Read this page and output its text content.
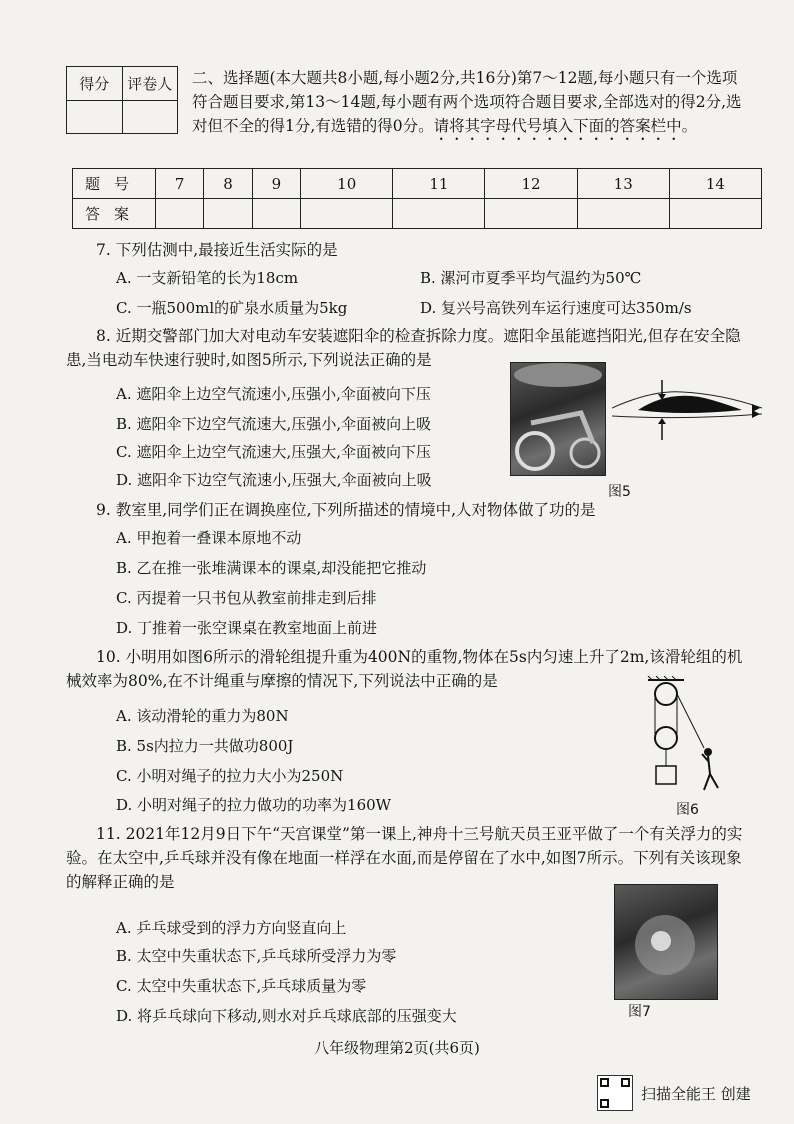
得分	评卷人	二、选择题(本大题共8小题,每小题2分,共16分)第7～12题,每小题只有一个选项符合题目要求,第13～14题,每小题有两个选项符合题目要求,全部选对的得2分,选对但不全的得1分,有选错的得0分。请将其字母代号填入下面的答案栏中。
题号	7	8	9	10	11	12	13	14
答案								
7. 下列估测中,最接近生活实际的是
A. 一支新铅笔的长为18cm	B. 漯河市夏季平均气温约为50℃
C. 一瓶500ml的矿泉水质量为5kg	D. 复兴号高铁列车运行速度可达350m/s
8. 近期交警部门加大对电动车安装遮阳伞的检查拆除力度。遮阳伞虽能遮挡阳光,但存在安全隐患,当电动车快速行驶时,如图5所示,下列说法正确的是
A. 遮阳伞上边空气流速小,压强小,伞面被向下压
B. 遮阳伞下边空气流速大,压强小,伞面被向上吸
C. 遮阳伞上边空气流速大,压强大,伞面被向下压
D. 遮阳伞下边空气流速小,压强大,伞面被向上吸
图5
9. 教室里,同学们正在调换座位,下列所描述的情境中,人对物体做了功的是
A. 甲抱着一叠课本原地不动
B. 乙在推一张堆满课本的课桌,却没能把它推动
C. 丙提着一只书包从教室前排走到后排
D. 丁推着一张空课桌在教室地面上前进
10. 小明用如图6所示的滑轮组提升重为400N的重物,物体在5s内匀速上升了2m,该滑轮组的机械效率为80%,在不计绳重与摩擦的情况下,下列说法中正确的是
A. 该动滑轮的重力为80N
B. 5s内拉力一共做功800J
C. 小明对绳子的拉力大小为250N
D. 小明对绳子的拉力做功的功率为160W	图6
11. 2021年12月9日下午“天宫课堂”第一课上,神舟十三号航天员王亚平做了一个有关浮力的实验。在太空中,乒乓球并没有像在地面一样浮在水面,而是停留在了水中,如图7所示。下列有关该现象的解释正确的是
A. 乒乓球受到的浮力方向竖直向上
B. 太空中失重状态下,乒乓球所受浮力为零
C. 太空中失重状态下,乒乓球质量为零
D. 将乒乓球向下移动,则水对乒乓球底部的压强变大	图7
八年级物理第2页(共6页)
扫描全能王 创建
